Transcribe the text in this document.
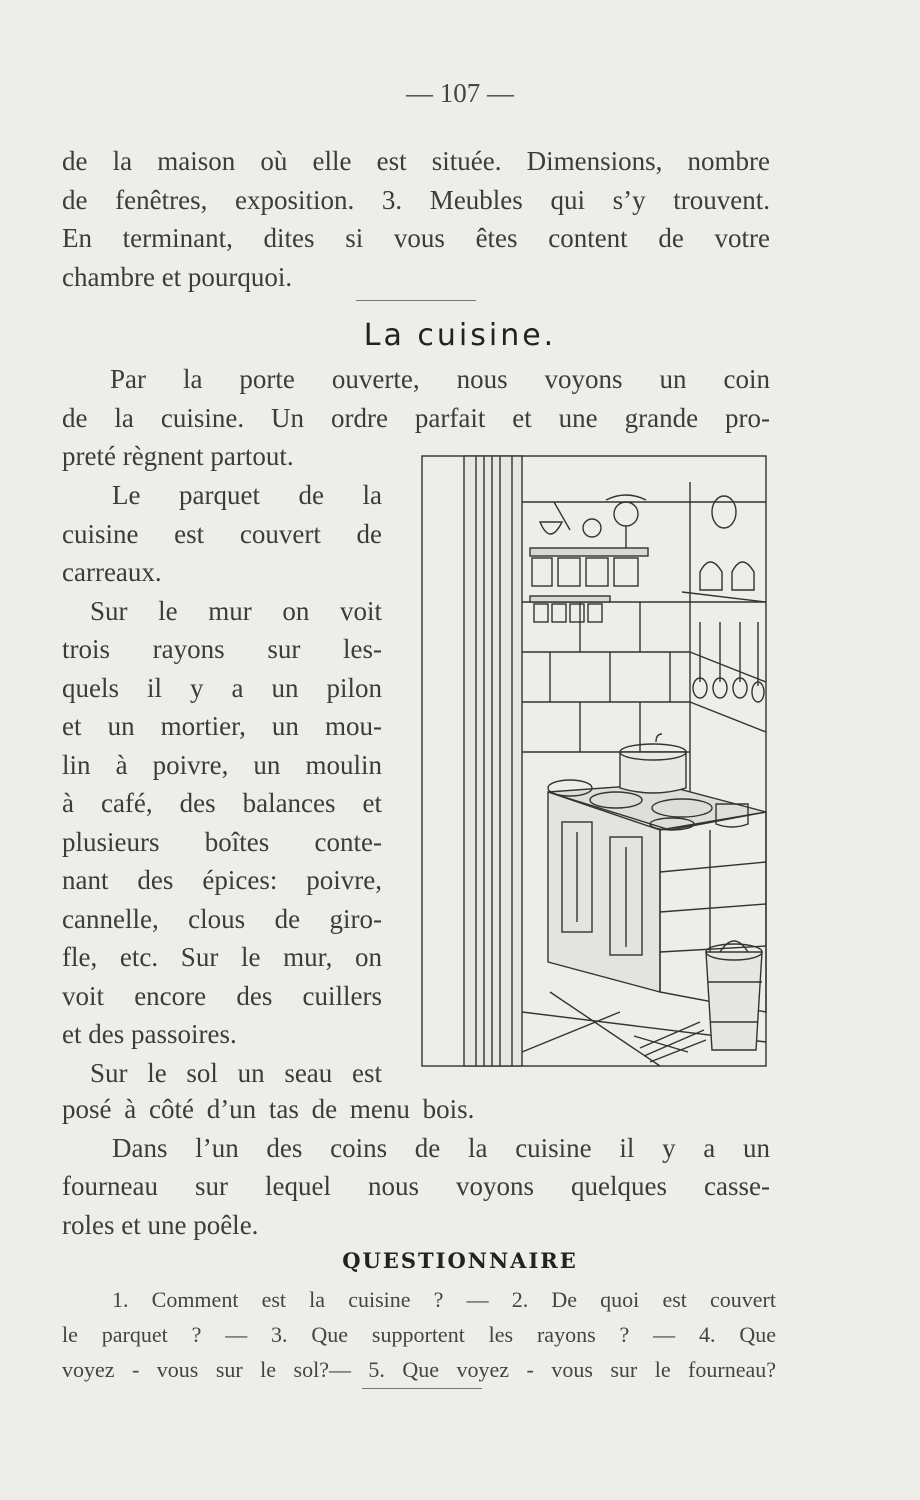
— 107 —
de la maison où elle est située. Dimensions, nombre
de fenêtres, exposition. 3. Meubles qui s’y trouvent.
En terminant, dites si vous êtes content de votre
chambre et pourquoi.
La cuisine.
Par la porte ouverte, nous voyons un coin
de la cuisine. Un ordre parfait et une grande pro-
preté règnent partout.
Le parquet de la
cuisine est couvert de
carreaux.
Sur le mur on voit
trois rayons sur les-
quels il y a un pilon
et un mortier, un mou-
lin à poivre, un moulin
à café, des balances et
plusieurs boîtes conte-
nant des épices: poivre,
cannelle, clous de giro-
fle, etc. Sur le mur, on
voit encore des cuillers
et des passoires.
Sur le sol un seau est
posé à côté d’un tas de menu bois.
Dans l’un des coins de la cuisine il y a un
fourneau sur lequel nous voyons quelques casse-
roles et une poêle.
QUESTIONNAIRE
1. Comment est la cuisine ? — 2. De quoi est couvert
le parquet ? — 3. Que supportent les rayons ? — 4. Que
voyez - vous sur le sol?— 5. Que voyez - vous sur le fourneau?
